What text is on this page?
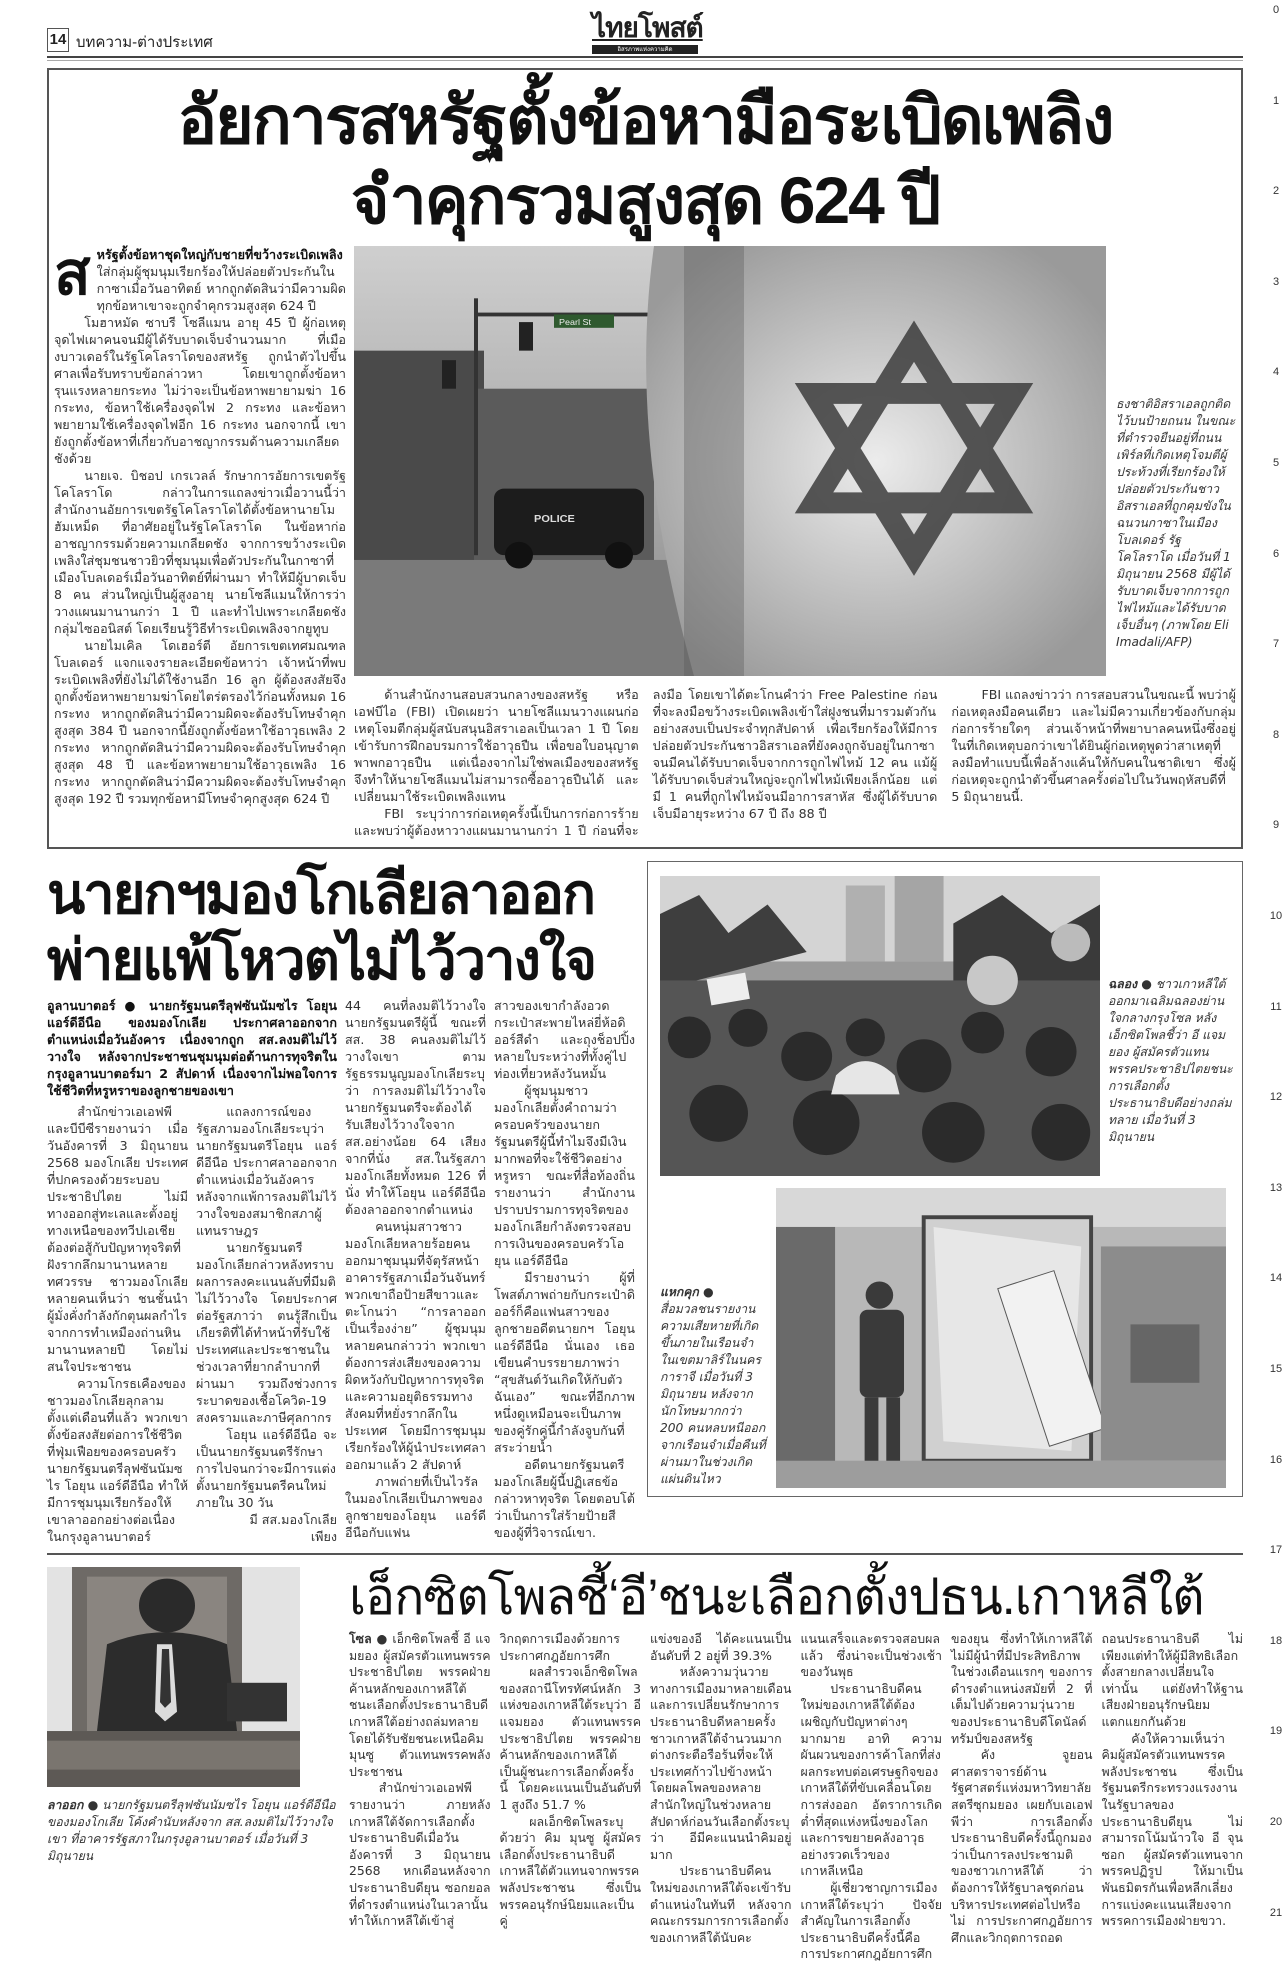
14 บทความ-ต่างประเทศ	ไทยโพสต์
อิสรภาพแห่งความคิด
0
1
2
3
4
5
6
7
8
9
10
11
12
13
14
15
16
17
18
19
20
21
อัยการสหรัฐตั้งข้อหามือระเบิดเพลิง
จำคุกรวมสูงสุด 624 ปี

สหรัฐตั้งข้อหาชุดใหญ่กับชายที่ขว้างระเบิดเพลิง ใส่กลุ่มผู้ชุมนุมเรียกร้องให้ปล่อยตัวประกันในกาซาเมื่อวันอาทิตย์ หากถูกตัดสินว่ามีความผิดทุกข้อหาเขาจะถูกจำคุกรวมสูงสุด 624 ปี

โมฮาหมัด ซาบรี โซลีแมน อายุ 45 ปี ผู้ก่อเหตุจุดไฟเผาคนจนมีผู้ได้รับบาดเจ็บจำนวนมาก ที่เมืองบาวเดอร์ในรัฐโคโลราโดของสหรัฐ ถูกนำตัวไปขึ้นศาลเพื่อรับทราบข้อกล่าวหา โดยเขาถูกตั้งข้อหารุนแรงหลายกระทง ไม่ว่าจะเป็นข้อหาพยายามฆ่า 16 กระทง, ข้อหาใช้เครื่องจุดไฟ 2 กระทง และข้อหาพยายามใช้เครื่องจุดไฟอีก 16 กระทง นอกจากนี้ เขายังถูกตั้งข้อหาที่เกี่ยวกับอาชญากรรมด้านความเกลียดชังด้วย

นายเจ. บิชอป เกรเวลล์ รักษาการอัยการเขตรัฐโคโลราโด กล่าวในการแถลงข่าวเมื่อวานนี้ว่า สำนักงานอัยการเขตรัฐโคโลราโดได้ตั้งข้อหานายโมฮัมเหม็ด ที่อาศัยอยู่ในรัฐโคโลราโด ในข้อหาก่ออาชญากรรมด้วยความเกลียดชัง จากการขว้างระเบิดเพลิงใส่ชุมชนชาวยิวที่ชุมนุมเพื่อตัวประกันในกาซาที่เมืองโบลเดอร์เมื่อวันอาทิตย์ที่ผ่านมา ทำให้มีผู้บาดเจ็บ 8 คน ส่วนใหญ่เป็นผู้สูงอายุ นายโซลีแมนให้การว่า วางแผนมานานกว่า 1 ปี และทำไปเพราะเกลียดชังกลุ่มไซออนิสต์ โดยเรียนรู้วิธีทำระเบิดเพลิงจากยูทูบ

นายไมเคิล โดเฮอร์ตี อัยการเขตเทศมณฑลโบลเดอร์ แจกแจงรายละเอียดข้อหาว่า เจ้าหน้าที่พบระเบิดเพลิงที่ยังไม่ได้ใช้งานอีก 16 ลูก ผู้ต้องสงสัยจึงถูกตั้งข้อหาพยายามฆ่าโดยไตร่ตรองไว้ก่อนทั้งหมด 16 กระทง หากถูกตัดสินว่ามีความผิดจะต้องรับโทษจำคุกสูงสุด 384 ปี นอกจากนี้ยังถูกตั้งข้อหาใช้อาวุธเพลิง 2 กระทง หากถูกตัดสินว่ามีความผิดจะต้องรับโทษจำคุกสูงสุด 48 ปี และข้อหาพยายามใช้อาวุธเพลิง 16 กระทง หากถูกตัดสินว่ามีความผิดจะต้องรับโทษจำคุกสูงสุด 192 ปี รวมทุกข้อหามีโทษจำคุกสูงสุด 624 ปี

Pearl St
POLICE
ธงชาติอิสราเอลถูกติดไว้บนป้ายถนน ในขณะที่ตำรวจยืนอยู่ที่ถนนเพิร์ลที่เกิดเหตุโจมตีผู้ประท้วงที่เรียกร้องให้ปล่อยตัวประกันชาวอิสราเอลที่ถูกคุมขังในฉนวนกาซาในเมืองโบลเดอร์ รัฐโคโลราโด เมื่อวันที่ 1 มิถุนายน 2568 มีผู้ได้รับบาดเจ็บจากการถูกไฟไหม้และได้รับบาดเจ็บอื่นๆ (ภาพโดย Eli Imadali/AFP)

ด้านสำนักงานสอบสวนกลางของสหรัฐ หรือ เอฟบีไอ (FBI) เปิดเผยว่า นายโซลีแมนวางแผนก่อเหตุโจมตีกลุ่มผู้สนับสนุนอิสราเอลเป็นเวลา 1 ปี โดยเข้ารับการฝึกอบรมการใช้อาวุธปืน เพื่อขอใบอนุญาตพาพกอาวุธปืน แต่เนื่องจากไม่ใช่พลเมืองของสหรัฐ จึงทำให้นายโซลีแมนไม่สามารถซื้ออาวุธปืนได้ และเปลี่ยนมาใช้ระเบิดเพลิงแทน

FBI ระบุว่าการก่อเหตุครั้งนี้เป็นการก่อการร้าย และพบว่าผู้ต้องหาวางแผนมานานกว่า 1 ปี ก่อนที่จะลงมือ โดยเขาได้ตะโกนคำว่า Free Palestine ก่อนที่จะลงมือขว้างระเบิดเพลิงเข้าใส่ฝูงชนที่มารวมตัวกันอย่างสงบเป็นประจำทุกสัปดาห์ เพื่อเรียกร้องให้มีการปล่อยตัวประกันชาวอิสราเอลที่ยังคงถูกจับอยู่ในกาซา จนมีคนได้รับบาดเจ็บจากการถูกไฟไหม้ 12 คน แม้ผู้ได้รับบาดเจ็บส่วนใหญ่จะถูกไฟไหม้เพียงเล็กน้อย แต่มี 1 คนที่ถูกไฟไหม้จนมีอาการสาหัส ซึ่งผู้ได้รับบาดเจ็บมีอายุระหว่าง 67 ปี ถึง 88 ปี

FBI แถลงข่าวว่า การสอบสวนในขณะนี้ พบว่าผู้ก่อเหตุลงมือคนเดียว และไม่มีความเกี่ยวข้องกับกลุ่มก่อการร้ายใดๆ ส่วนเจ้าหน้าที่พยาบาลคนหนึ่งซึ่งอยู่ในที่เกิดเหตุบอกว่าเขาได้ยินผู้ก่อเหตุพูดว่าสาเหตุที่ลงมือทำแบบนี้เพื่อล้างแค้นให้กับคนในชาติเขา ซึ่งผู้ก่อเหตุจะถูกนำตัวขึ้นศาลครั้งต่อไปในวันพฤหัสบดีที่ 5 มิถุนายนนี้.

นายกฯมองโกเลียลาออก
พ่ายแพ้โหวตไม่ไว้วางใจ
อูลานบาตอร์ ● นายกรัฐมนตรีลุฟซันนัมซไร โอยุน แอร์ดีอีนือ ของมองโกเลีย ประกาศลาออกจากตำแหน่งเมื่อวันอังคาร เนื่องจากถูก สส.ลงมติไม่ไว้วางใจ หลังจากประชาชนชุมนุมต่อต้านการทุจริตในกรุงอูลานบาตอร์มา 2 สัปดาห์ เนื่องจากไม่พอใจการใช้ชีวิตที่หรูหราของลูกชายของเขา

สำนักข่าวเอเอฟพีและบีบีซีรายงานว่า เมื่อวันอังคารที่ 3 มิถุนายน 2568 มองโกเลีย ประเทศที่ปกครองด้วยระบอบประชาธิปไตย ไม่มีทางออกสู่ทะเลและตั้งอยู่ทางเหนือของทวีปเอเชีย ต้องต่อสู้กับปัญหาทุจริตที่ฝังรากลึกมานานหลายทศวรรษ ชาวมองโกเลียหลายคนเห็นว่า ชนชั้นนำผู้มั่งคั่งกำลังกักตุนผลกำไรจากการทำเหมืองถ่านหินมานานหลายปี โดยไม่สนใจประชาชน

ความโกรธเคืองของชาวมองโกเลียลุกลามตั้งแต่เดือนที่แล้ว พวกเขาตั้งข้อสงสัยต่อการใช้ชีวิตที่ฟุ่มเฟือยของครอบครัวนายกรัฐมนตรีลุฟซันนัมซไร โอยุน แอร์ดีอีนือ ทำให้มีการชุมนุมเรียกร้องให้เขาลาออกอย่างต่อเนื่องในกรุงอูลานบาตอร์

แถลงการณ์ของรัฐสภามองโกเลียระบุว่า นายกรัฐมนตรีโอยุน แอร์ดีอีนือ ประกาศลาออกจากตำแหน่งเมื่อวันอังคาร หลังจากแพ้การลงมติไม่ไว้วางใจของสมาชิกสภาผู้แทนราษฎร

นายกรัฐมนตรีมองโกเลียกล่าวหลังทราบผลการลงคะแนนลับที่มีมติไม่ไว้วางใจ โดยประกาศต่อรัฐสภาว่า ตนรู้สึกเป็นเกียรติที่ได้ทำหน้าที่รับใช้ประเทศและประชาชนในช่วงเวลาที่ยากลำบากที่ผ่านมา รวมถึงช่วงการระบาดของเชื้อโควิด-19 สงครามและภาษีศุลกากร

โอยุน แอร์ดีอีนือ จะเป็นนายกรัฐมนตรีรักษาการไปจนกว่าจะมีการแต่งตั้งนายกรัฐมนตรีคนใหม่ภายใน 30 วัน

มี สส.มองโกเลียเพียง

44 คนที่ลงมติไว้วางใจนายกรัฐมนตรีผู้นี้ ขณะที่ สส. 38 คนลงมติไม่ไว้วางใจเขา ตามรัฐธรรมนูญมองโกเลียระบุว่า การลงมติไม่ไว้วางใจนายกรัฐมนตรีจะต้องได้รับเสียงไว้วางใจจาก สส.อย่างน้อย 64 เสียง จากที่นั่ง สส.ในรัฐสภามองโกเลียทั้งหมด 126 ที่นั่ง ทำให้โอยุน แอร์ดีอีนือ ต้องลาออกจากตำแหน่ง

คนหนุ่มสาวชาวมองโกเลียหลายร้อยคนออกมาชุมนุมที่จัตุรัสหน้าอาคารรัฐสภาเมื่อวันจันทร์ พวกเขาถือป้ายสีขาวและตะโกนว่า “การลาออกเป็นเรื่องง่าย” ผู้ชุมนุมหลายคนกล่าวว่า พวกเขาต้องการส่งเสียงของความผิดหวังกับปัญหาการทุจริตและความอยุติธรรมทางสังคมที่หยั่งรากลึกในประเทศ โดยมีการชุมนุมเรียกร้องให้ผู้นำประเทศลาออกมาแล้ว 2 สัปดาห์

ภาพถ่ายที่เป็นไวรัลในมองโกเลียเป็นภาพของลูกชายของโอยุน แอร์ดีอีนือกับแฟน

สาวของเขากำลังอวดกระเป๋าสะพายไหล่ยี่ห้อดิออร์สีดำ และถุงช็อปปิ้งหลายใบระหว่างที่ทั้งคู่ไปท่องเที่ยวหลังวันหมั้น

ผู้ชุมนุมชาวมองโกเลียตั้งคำถามว่า ครอบครัวของนายกรัฐมนตรีผู้นี้ทำไมจึงมีเงินมากพอที่จะใช้ชีวิตอย่างหรูหรา ขณะที่สื่อท้องถิ่นรายงานว่า สำนักงานปราบปรามการทุจริตของมองโกเลียกำลังตรวจสอบการเงินของครอบครัวโอยุน แอร์ดีอีนือ

มีรายงานว่า ผู้ที่โพสต์ภาพถ่ายกับกระเป๋าดิออร์ก็คือแฟนสาวของลูกชายอดีตนายกฯ โอยุน แอร์ดีอีนือ นั่นเอง เธอเขียนคำบรรยายภาพว่า “สุขสันต์วันเกิดให้กับตัวฉันเอง” ขณะที่อีกภาพหนึ่งดูเหมือนจะเป็นภาพของคู่รักคู่นี้กำลังจูบกันที่สระว่ายน้ำ

อดีตนายกรัฐมนตรีมองโกเลียผู้นี้ปฏิเสธข้อกล่าวหาทุจริต โดยตอบโต้ว่าเป็นการใส่ร้ายป้ายสีของผู้ที่วิจารณ์เขา.

ฉลอง ● ชาวเกาหลีใต้ออกมาเฉลิมฉลองย่านใจกลางกรุงโซล หลังเอ็กซิตโพลชี้ว่า อี แจมยอง ผู้สมัครตัวแทนพรรคประชาธิปไตยชนะการเลือกตั้งประธานาธิบดีอย่างถล่มทลาย เมื่อวันที่ 3 มิถุนายน
แหกคุก ● สื่อมวลชนรายงานความเสียหายที่เกิดขึ้นภายในเรือนจำ ในเขตมาลิร์ในนครการาจี เมื่อวันที่ 3 มิถุนายน หลังจากนักโทษมากกว่า 200 คนหลบหนีออกจากเรือนจำเมื่อคืนที่ผ่านมาในช่วงเกิดแผ่นดินไหว
ลาออก ● นายกรัฐมนตรีลุฟซันนัมซไร โอยุน แอร์ดีอีนือของมองโกเลีย โค้งคำนับหลังจาก สส.ลงมติไม่ไว้วางใจเขา ที่อาคารรัฐสภาในกรุงอูลานบาตอร์ เมื่อวันที่ 3 มิถุนายน
เอ็กซิตโพลชี้‘อี’ชนะเลือกตั้งปธน.เกาหลีใต้

โซล ● เอ็กซิตโพลชี้ อี แจมยอง ผู้สมัครตัวแทนพรรคประชาธิปไตย พรรคฝ่ายค้านหลักของเกาหลีใต้ ชนะเลือกตั้งประธานาธิบดีเกาหลีใต้อย่างถล่มทลาย โดยได้รับชัยชนะเหนือคิม มุนซู ตัวแทนพรรคพลังประชาชน

สำนักข่าวเอเอฟพีรายงานว่า ภายหลังเกาหลีใต้จัดการเลือกตั้งประธานาธิบดีเมื่อวันอังคารที่ 3 มิถุนายน 2568 หกเดือนหลังจากประธานาธิบดียุน ซอกยอล ที่ดำรงตำแหน่งในเวลานั้น ทำให้เกาหลีใต้เข้าสู่

วิกฤตการเมืองด้วยการประกาศกฎอัยการศึก

ผลสำรวจเอ็กซิตโพลของสถานีโทรทัศน์หลัก 3 แห่งของเกาหลีใต้ระบุว่า อี แจมยอง ตัวแทนพรรคประชาธิปไตย พรรคฝ่ายค้านหลักของเกาหลีใต้ เป็นผู้ชนะการเลือกตั้งครั้งนี้ โดยคะแนนเป็นอันดับที่ 1 สูงถึง 51.7 %

ผลเอ็กซิตโพลระบุด้วยว่า คิม มุนซู ผู้สมัครเลือกตั้งประธานาธิบดีเกาหลีใต้ตัวแทนจากพรรคพลังประชาชน ซึ่งเป็นพรรคอนุรักษ์นิยมและเป็นคู่

แข่งของอี ได้คะแนนเป็นอันดับที่ 2 อยู่ที่ 39.3%

หลังความวุ่นวายทางการเมืองมาหลายเดือน และการเปลี่ยนรักษาการประธานาธิบดีหลายครั้ง ชาวเกาหลีใต้จำนวนมากต่างกระตือรือร้นที่จะให้ประเทศก้าวไปข้างหน้า โดยผลโพลของหลายสำนักใหญ่ในช่วงหลายสัปดาห์ก่อนวันเลือกตั้งระบุว่า อีมีคะแนนนำคิมอยู่มาก

ประธานาธิบดีคนใหม่ของเกาหลีใต้จะเข้ารับตำแหน่งในทันที หลังจากคณะกรรมการการเลือกตั้งของเกาหลีใต้นับคะ

แนนเสร็จและตรวจสอบผลแล้ว ซึ่งน่าจะเป็นช่วงเช้าของวันพุธ

ประธานาธิบดีคนใหม่ของเกาหลีใต้ต้องเผชิญกับปัญหาต่างๆ มากมาย อาทิ ความผันผวนของการค้าโลกที่ส่งผลกระทบต่อเศรษฐกิจของเกาหลีใต้ที่ขับเคลื่อนโดยการส่งออก อัตราการเกิดต่ำที่สุดแห่งหนึ่งของโลก และการขยายคลังอาวุธอย่างรวดเร็วของเกาหลีเหนือ

ผู้เชี่ยวชาญการเมืองเกาหลีใต้ระบุว่า ปัจจัยสำคัญในการเลือกตั้งประธานาธิบดีครั้งนี้คือ การประกาศกฎอัยการศึก

ของยุน ซึ่งทำให้เกาหลีใต้ไม่มีผู้นำที่มีประสิทธิภาพในช่วงเดือนแรกๆ ของการดำรงตำแหน่งสมัยที่ 2 ที่เต็มไปด้วยความวุ่นวายของประธานาธิบดีโดนัลด์ ทรัมป์ของสหรัฐ

คัง จูยอน ศาสตราจารย์ด้านรัฐศาสตร์แห่งมหาวิทยาลัยสตรีซุกมยอง เผยกับเอเอฟพีว่า การเลือกตั้งประธานาธิบดีครั้งนี้ถูกมองว่าเป็นการลงประชามติของชาวเกาหลีใต้ ว่าต้องการให้รัฐบาลชุดก่อนบริหารประเทศต่อไปหรือไม่ การประกาศกฎอัยการศึกและวิกฤตการถอด

ถอนประธานาธิบดี ไม่เพียงแต่ทำให้ผู้มีสิทธิเลือกตั้งสายกลางเปลี่ยนใจเท่านั้น แต่ยังทำให้ฐานเสียงฝ่ายอนุรักษนิยมแตกแยกกันด้วย

คังให้ความเห็นว่า คิมผู้สมัครตัวแทนพรรคพลังประชาชน ซึ่งเป็นรัฐมนตรีกระทรวงแรงงานในรัฐบาลของประธานาธิบดียุน ไม่สามารถโน้มน้าวใจ อี จุนซอก ผู้สมัครตัวแทนจากพรรคปฏิรูป ให้มาเป็นพันธมิตรกันเพื่อหลีกเลี่ยงการแบ่งคะแนนเสียงจากพรรคการเมืองฝ่ายขวา.
